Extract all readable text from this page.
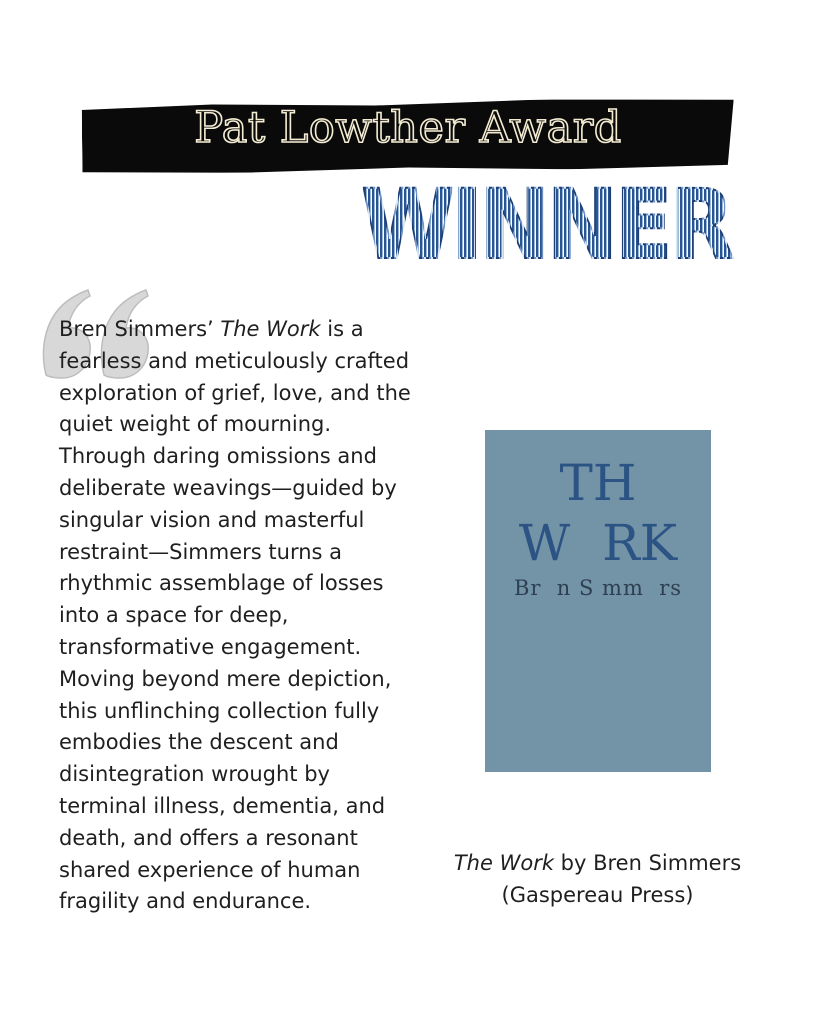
Pat Lowther Award
WINNER

Bren Simmers’ The Work is a
fearless and meticulously crafted
exploration of grief, love, and the
quiet weight of mourning.
Through daring omissions and
deliberate weavings—guided by
singular vision and masterful
restraint—Simmers turns a
rhythmic assemblage of losses
into a space for deep,
transformative engagement.
Moving beyond mere depiction,
this unflinching collection fully
embodies the descent and
disintegration wrought by
terminal illness, dementia, and
death, and offers a resonant
shared experience of human
fragility and endurance.

TH
W  RK
Br  n S mm  rs
The Work by Bren Simmers
(Gaspereau Press)
